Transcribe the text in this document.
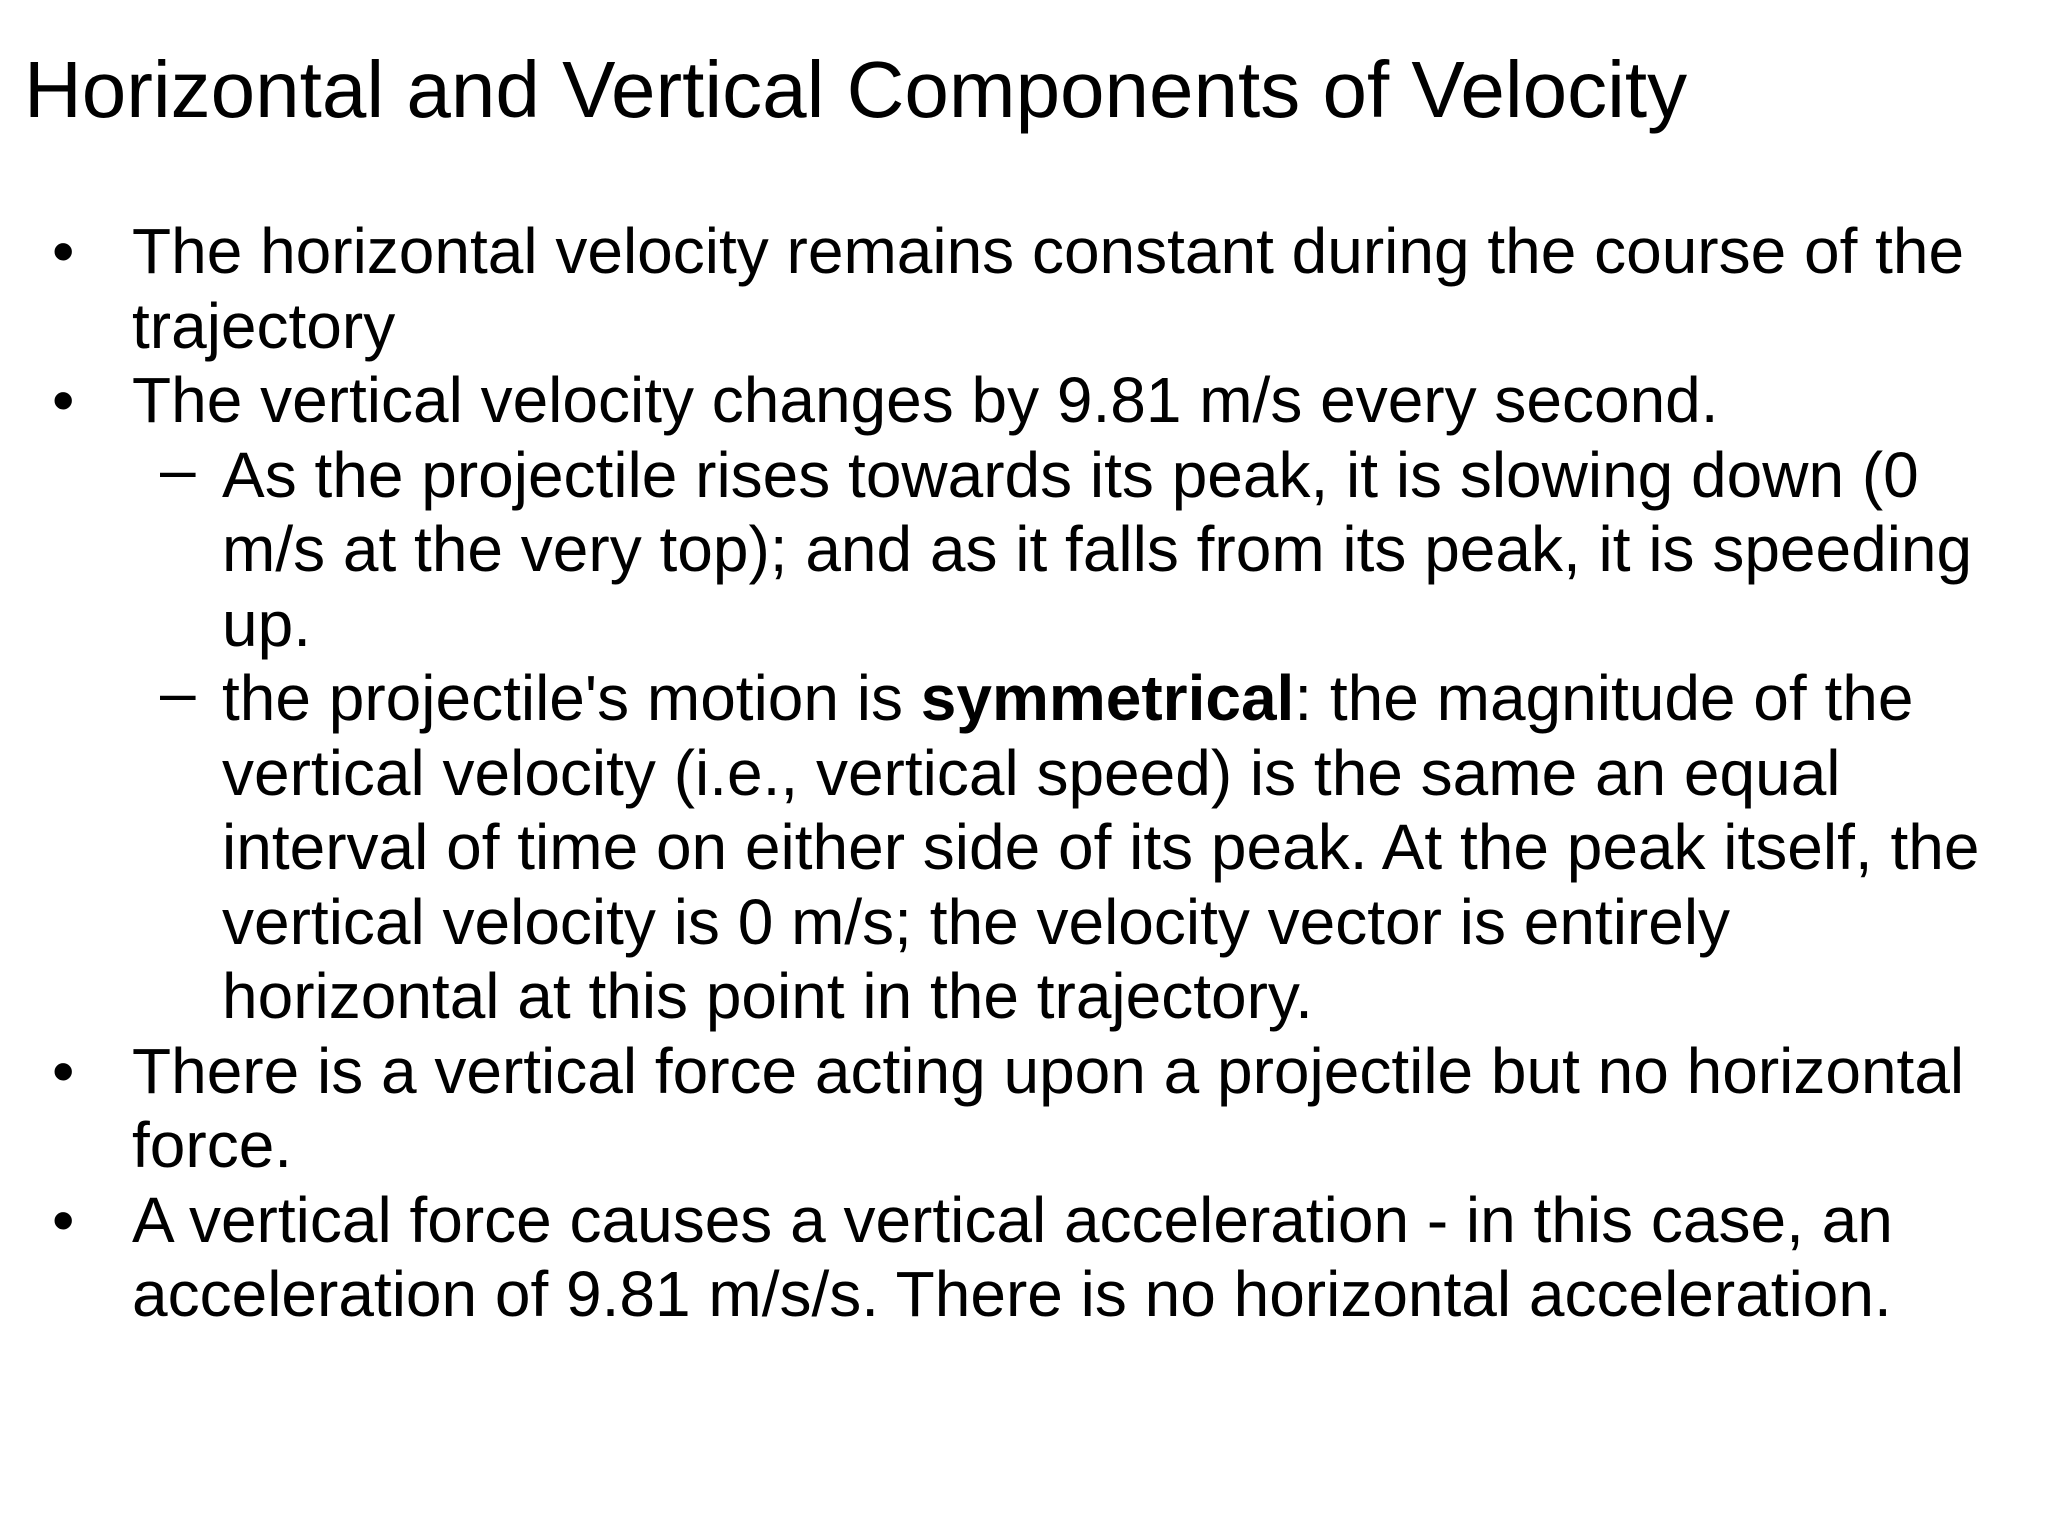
Horizontal and Vertical Components of Velocity
• The horizontal velocity remains constant during the course of the trajectory
• The vertical velocity changes by 9.81 m/s every second.
– As the projectile rises towards its peak, it is slowing down (0 m/s at the very top); and as it falls from its peak, it is speeding up.
– the projectile's motion is symmetrical: the magnitude of the vertical velocity (i.e., vertical speed) is the same an equal interval of time on either side of its peak. At the peak itself, the vertical velocity is 0 m/s; the velocity vector is entirely horizontal at this point in the trajectory.
• There is a vertical force acting upon a projectile but no horizontal force.
• A vertical force causes a vertical acceleration - in this case, an acceleration of 9.81 m/s/s. There is no horizontal acceleration.
